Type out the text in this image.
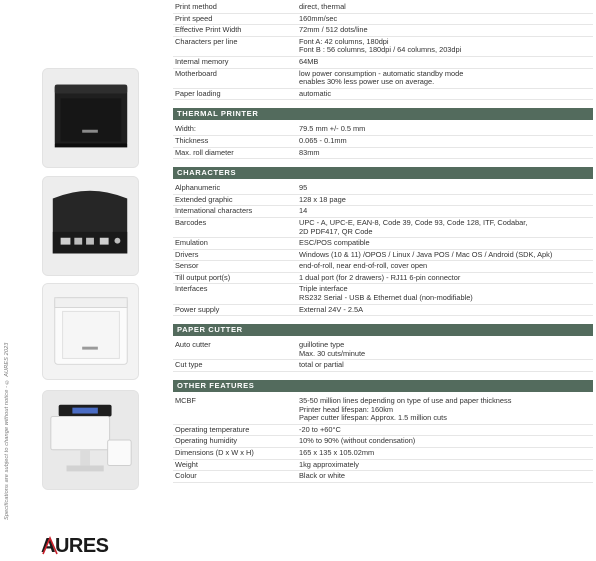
Specifications are subject to change without notice - © AURES 2023
AURES
Print method	direct, thermal
Print speed	160mm/sec
Effective Print Width	72mm / 512 dots/line
Characters per line	Font A: 42 columns, 180dpi
Font B : 56 columns, 180dpi / 64 columns, 203dpi
Internal memory	64MB
Motherboard	low power consumption - automatic standby mode
enables 30% less power use on average.
Paper loading	automatic
THERMAL PRINTER
Width:	79.5 mm +/- 0.5 mm
Thickness	0.065 - 0.1mm
Max. roll diameter	83mm
CHARACTERS
Alphanumeric	95
Extended graphic	128 x 18 page
International characters	14
Barcodes	UPC - A, UPC-E, EAN-8, Code 39, Code 93, Code 128, ITF, Codabar,
2D PDF417, QR Code
Emulation	ESC/POS compatible
Drivers	Windows (10 & 11) /OPOS / Linux / Java POS / Mac OS / Android (SDK, Apk)
Sensor	end-of-roll, near end-of-roll, cover open
Till output port(s)	1 dual port (for 2 drawers) - RJ11 6-pin connector
Interfaces	Triple interface
RS232 Serial - USB & Ethernet dual (non-modifiable)
Power supply	External 24V - 2.5A
PAPER CUTTER
Auto cutter	guillotine type
Max. 30 cuts/minute
Cut type	total or partial
OTHER FEATURES
MCBF	35-50 million lines depending on type of use and paper thickness
Printer head lifespan: 160km
Paper cutter lifespan: Approx. 1.5 million cuts
Operating temperature	-20 to +60°C
Operating humidity	10% to 90% (without condensation)
Dimensions (D x W x H)	165 x 135 x 105.02mm
Weight	1kg approximately
Colour	Black or white
